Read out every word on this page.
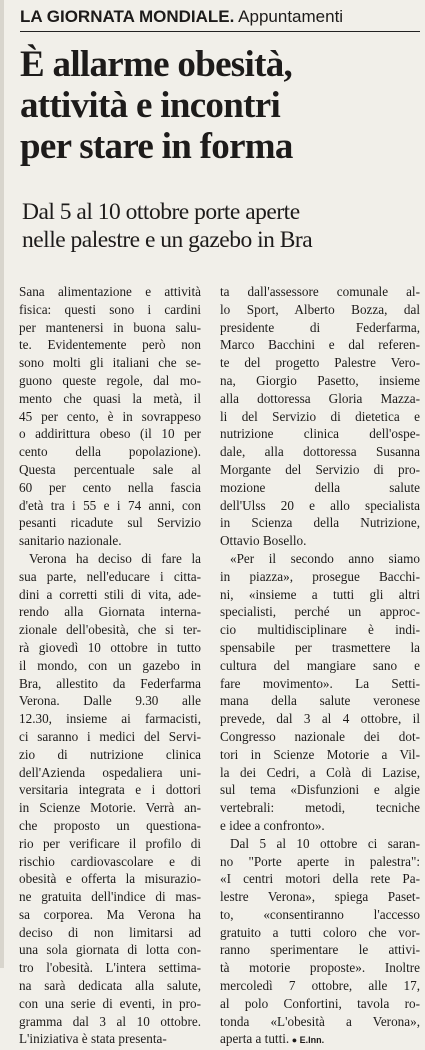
LA GIORNATA MONDIALE. Appuntamenti
È allarme obesità,
attività e incontri
per stare in forma
Dal 5 al 10 ottobre porte aperte
nelle palestre e un gazebo in Bra
Sana alimentazione e attività
fisica: questi sono i cardini
per mantenersi in buona salu-
te. Evidentemente però non
sono molti gli italiani che se-
guono queste regole, dal mo-
mento che quasi la metà, il
45 per cento, è in sovrappeso
o addirittura obeso (il 10 per
cento della popolazione).
Questa percentuale sale al
60 per cento nella fascia
d'età tra i 55 e i 74 anni, con
pesanti ricadute sul Servizio
sanitario nazionale.
Verona ha deciso di fare la
sua parte, nell'educare i citta-
dini a corretti stili di vita, ade-
rendo alla Giornata interna-
zionale dell'obesità, che si ter-
rà giovedì 10 ottobre in tutto
il mondo, con un gazebo in
Bra, allestito da Federfarma
Verona. Dalle 9.30 alle
12.30, insieme ai farmacisti,
ci saranno i medici del Servi-
zio di nutrizione clinica
dell'Azienda ospedaliera uni-
versitaria integrata e i dottori
in Scienze Motorie. Verrà an-
che proposto un questiona-
rio per verificare il profilo di
rischio cardiovascolare e di
obesità e offerta la misurazio-
ne gratuita dell'indice di mas-
sa corporea. Ma Verona ha
deciso di non limitarsi ad
una sola giornata di lotta con-
tro l'obesità. L'intera settima-
na sarà dedicata alla salute,
con una serie di eventi, in pro-
gramma dal 3 al 10 ottobre.
L'iniziativa è stata presenta-
ta dall'assessore comunale al-
lo Sport, Alberto Bozza, dal
presidente di Federfarma,
Marco Bacchini e dal referen-
te del progetto Palestre Vero-
na, Giorgio Pasetto, insieme
alla dottoressa Gloria Mazza-
li del Servizio di dietetica e
nutrizione clinica dell'ospe-
dale, alla dottoressa Susanna
Morgante del Servizio di pro-
mozione della salute
dell'Ulss 20 e allo specialista
in Scienza della Nutrizione,
Ottavio Bosello.
«Per il secondo anno siamo
in piazza», prosegue Bacchi-
ni, «insieme a tutti gli altri
specialisti, perché un approc-
cio multidisciplinare è indi-
spensabile per trasmettere la
cultura del mangiare sano e
fare movimento». La Setti-
mana della salute veronese
prevede, dal 3 al 4 ottobre, il
Congresso nazionale dei dot-
tori in Scienze Motorie a Vil-
la dei Cedri, a Colà di Lazise,
sul tema «Disfunzioni e algie
vertebrali: metodi, tecniche
e idee a confronto».
Dal 5 al 10 ottobre ci saran-
no "Porte aperte in palestra":
«I centri motori della rete Pa-
lestre Verona», spiega Paset-
to, «consentiranno l'accesso
gratuito a tutti coloro che vor-
ranno sperimentare le attivi-
tà motorie proposte». Inoltre
mercoledì 7 ottobre, alle 17,
al polo Confortini, tavola ro-
tonda «L'obesità a Verona»,
aperta a tutti. ● E.Inn.
